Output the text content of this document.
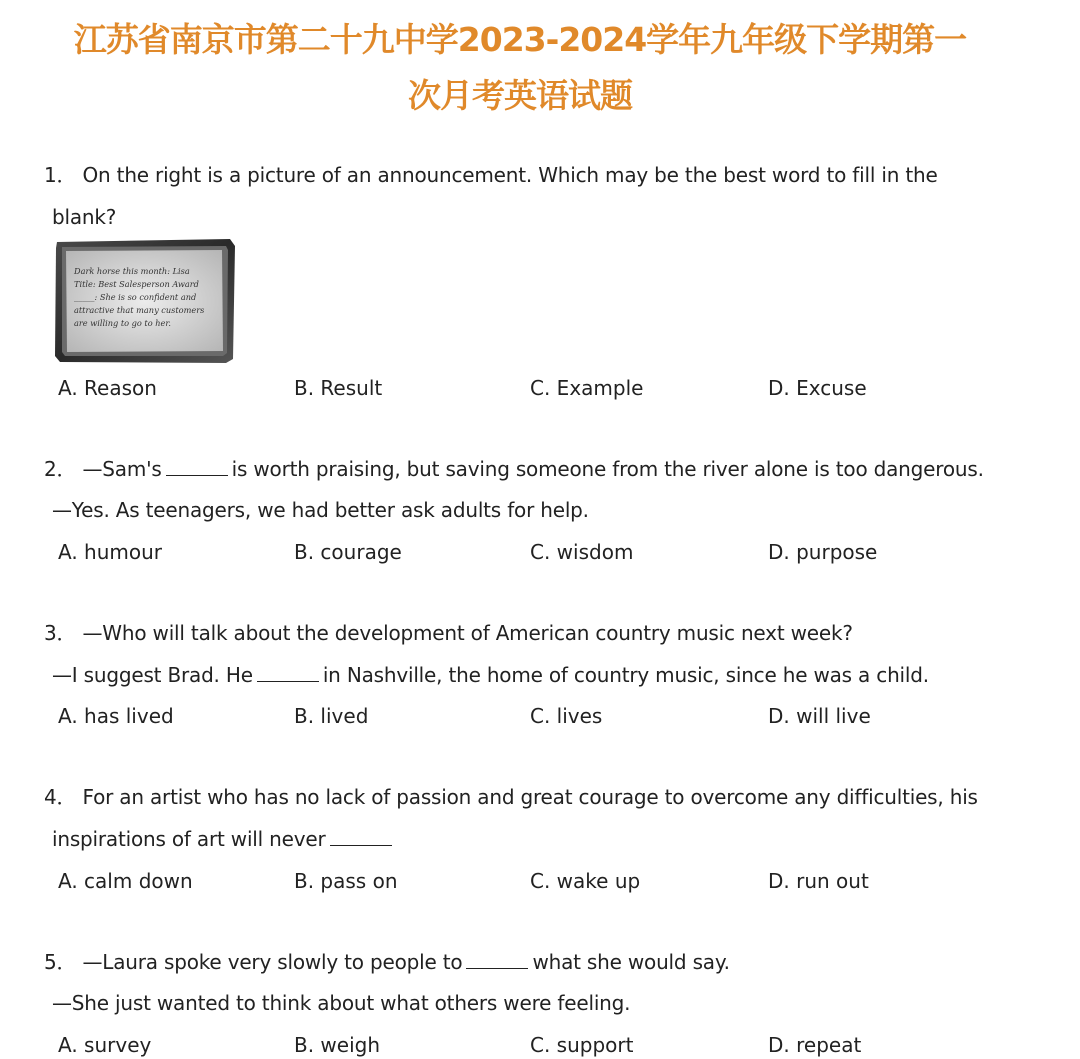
江苏省南京市第二十九中学2023-2024学年九年级下学期第一
次月考英语试题
1． On the right is a picture of an announcement. Which may be the best word to fill in the
blank?
Dark horse this month: Lisa
Title: Best Salesperson Award
_____: She is so confident and
attractive that many customers
are willing to go to her.
A. Reason	B. Result	C. Example	D. Excuse
2． —Sam's	is worth praising, but saving someone from the river alone is too dangerous.
—Yes. As teenagers, we had better ask adults for help.
A. humour	B. courage	C. wisdom	D. purpose
3． —Who will talk about the development of American country music next week?
—I suggest Brad. He	in Nashville, the home of country music, since he was a child.
A. has lived	B. lived	C. lives	D. will live
4． For an artist who has no lack of passion and great courage to overcome any difficulties, his
inspirations of art will never
A. calm down	B. pass on	C. wake up	D. run out
5． —Laura spoke very slowly to people to	what she would say.
—She just wanted to think about what others were feeling.
A. survey	B. weigh	C. support	D. repeat
